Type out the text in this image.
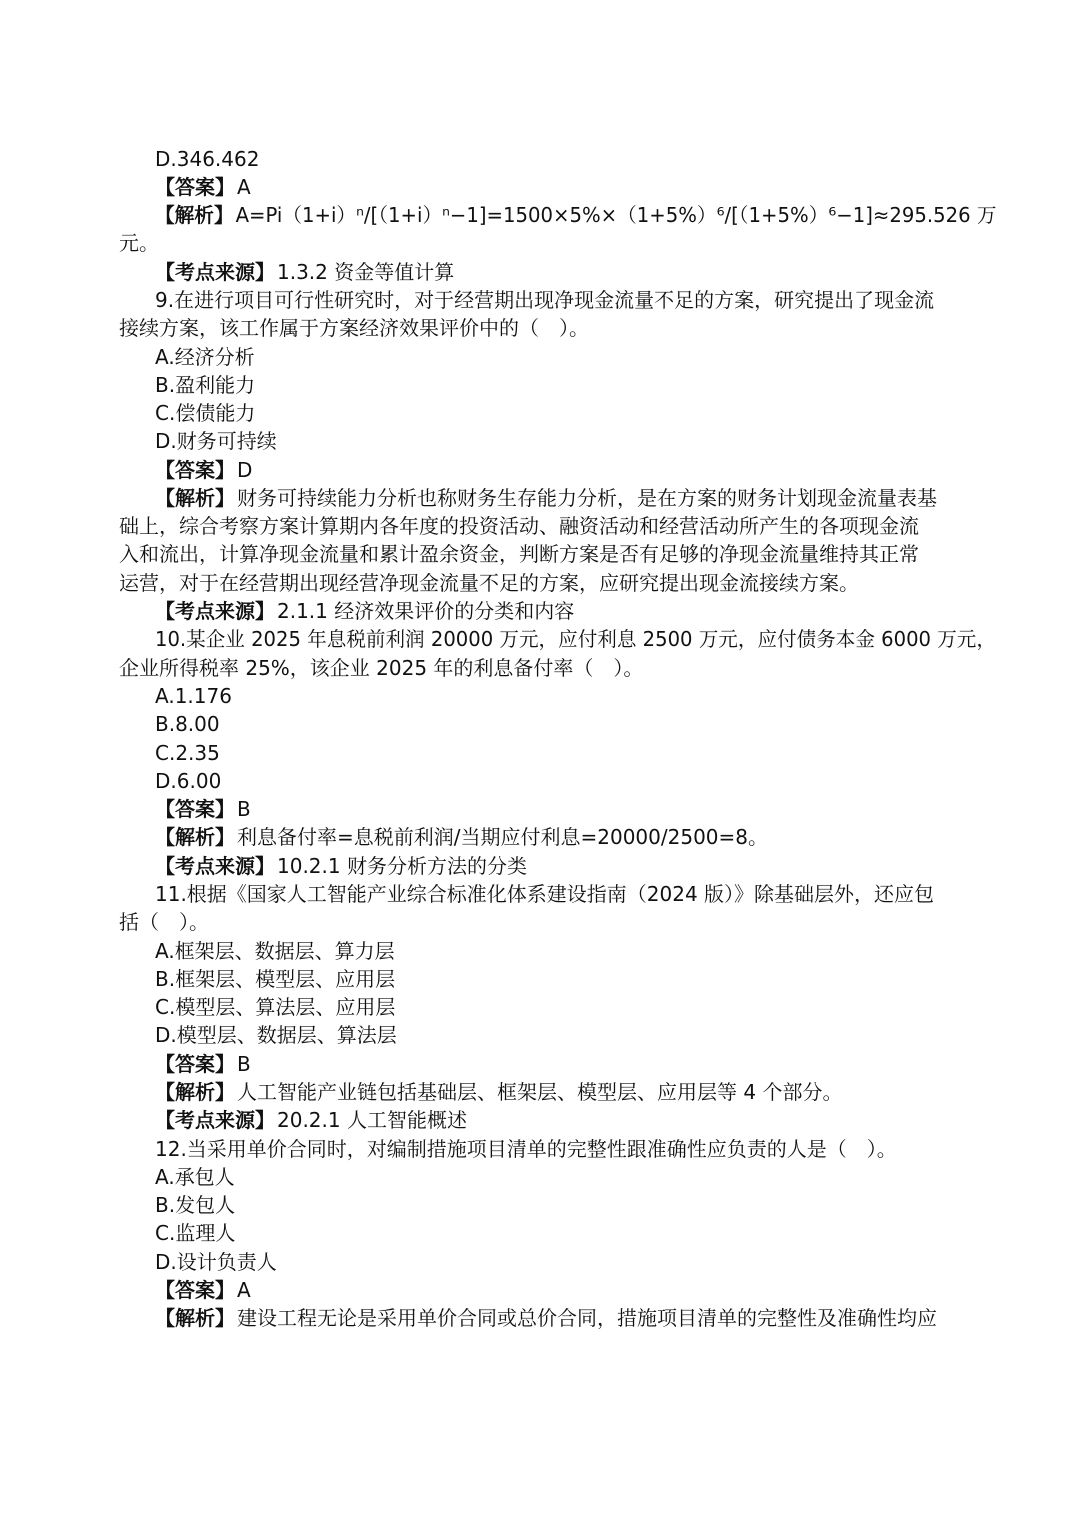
D.346.462
【答案】 A
【解析】A=Pi（1+i）ⁿ/[（1+i）ⁿ−1]=1500×5%×（1+5%）⁶/[（1+5%）⁶−1]≈295.526 万
元。
【考点来源】 1.3.2 资金等值计算
9.在进行项目可行性研究时，对于经营期出现净现金流量不足的方案，研究提出了现金流
接续方案，该工作属于方案经济效果评价中的（　）。
A.经济分析
B.盈利能力
C.偿债能力
D.财务可持续
【答案】 D
【解析】 财务可持续能力分析也称财务生存能力分析，是在方案的财务计划现金流量表基
础上，综合考察方案计算期内各年度的投资活动、融资活动和经营活动所产生的各项现金流
入和流出，计算净现金流量和累计盈余资金，判断方案是否有足够的净现金流量维持其正常
运营，对于在经营期出现经营净现金流量不足的方案，应研究提出现金流接续方案。
【考点来源】 2.1.1 经济效果评价的分类和内容
10.某企业 2025 年息税前利润 20000 万元，应付利息 2500 万元，应付债务本金 6000 万元，
企业所得税率 25%，该企业 2025 年的利息备付率（　）。
A.1.176
B.8.00
C.2.35
D.6.00
【答案】 B
【解析】 利息备付率=息税前利润/当期应付利息=20000/2500=8。
【考点来源】 10.2.1 财务分析方法的分类
11.根据《国家人工智能产业综合标准化体系建设指南（2024 版）》除基础层外，还应包
括（　）。
A.框架层、数据层、算力层
B.框架层、模型层、应用层
C.模型层、算法层、应用层
D.模型层、数据层、算法层
【答案】 B
【解析】 人工智能产业链包括基础层、框架层、模型层、应用层等 4 个部分。
【考点来源】 20.2.1 人工智能概述
12.当采用单价合同时，对编制措施项目清单的完整性跟准确性应负责的人是（　）。
A.承包人
B.发包人
C.监理人
D.设计负责人
【答案】 A
【解析】 建设工程无论是采用单价合同或总价合同，措施项目清单的完整性及准确性均应
